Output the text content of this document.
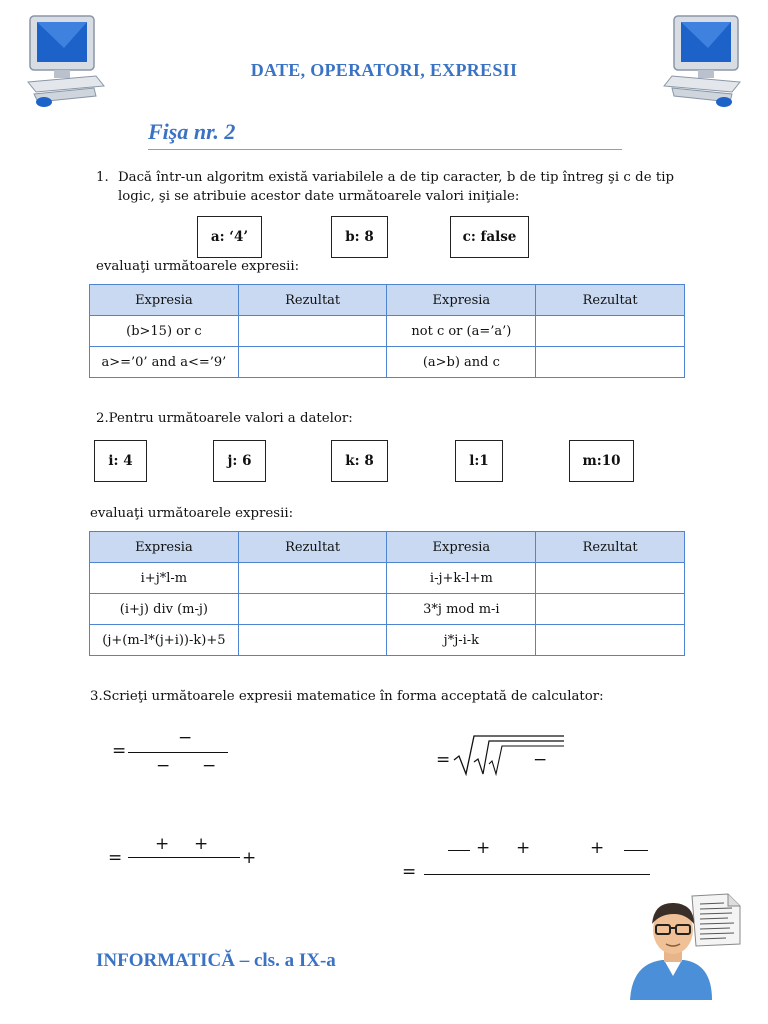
DATE, OPERATORI, EXPRESII
Fişa nr. 2
1. Dacă într-un algoritm există variabilele a de tip caracter, b de tip întreg şi c de tip logic, şi se atribuie acestor date următoarele valori iniţiale:
a: ‘4’	b: 8	c: false
evaluaţi următoarele expresii:
Expresia	Rezultat	Expresia	Rezultat
(b>15) or c		not c or (a=’a’)	
a>=’0’ and a<=’9’		(a>b) and c	
2.Pentru următoarele valori a datelor:
i: 4	j: 6	k: 8	l:1	m:10
evaluaţi următoarele expresii:
Expresia	Rezultat	Expresia	Rezultat
i+j*l-m		i-j+k-l+m	
(i+j) div (m-j)		3*j mod m-i	
(j+(m-l*(j+i))-k)+5		j*j-i-k	
3.Scrieţi următoarele expresii matematice în forma acceptată de calculator:
=
−
− −	=	−
=
+ +
+
=
+ +	+
INFORMATICĂ – cls. a IX-a
